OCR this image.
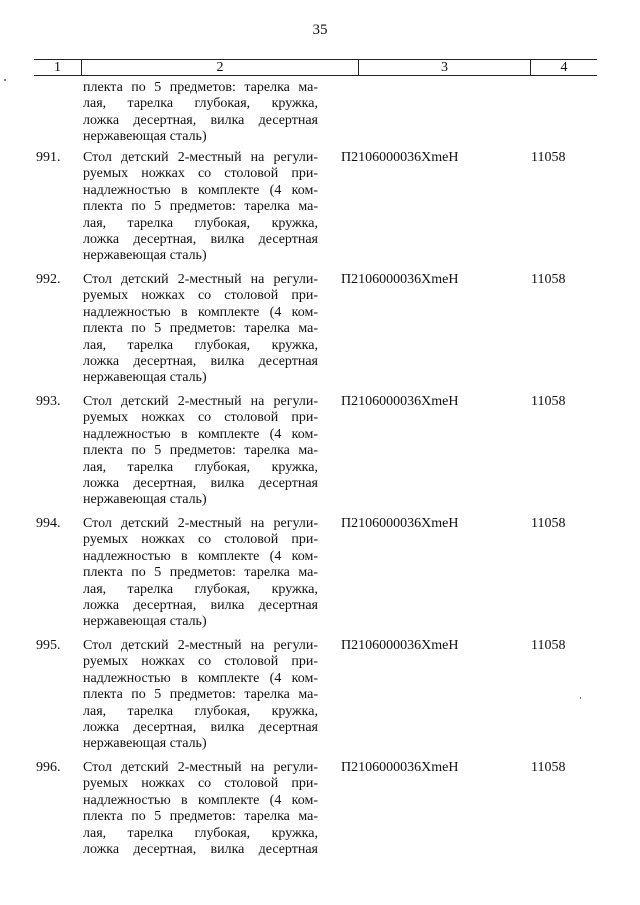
35
1	2	3	4
плекта по 5 предметов: тарелка ма-
лая, тарелка глубокая, кружка,
ложка десертная, вилка десертная
нержавеющая сталь)
991.	Стол детский 2-местный на регули-
руемых ножках со столовой при-
надлежностью в комплекте (4 ком-
плекта по 5 предметов: тарелка ма-
лая, тарелка глубокая, кружка,
ложка десертная, вилка десертная
нержавеющая сталь)
П2106000036ХmeH	11058
992.	Стол детский 2-местный на регули-
руемых ножках со столовой при-
надлежностью в комплекте (4 ком-
плекта по 5 предметов: тарелка ма-
лая, тарелка глубокая, кружка,
ложка десертная, вилка десертная
нержавеющая сталь)
П2106000036ХmeH	11058
993.	Стол детский 2-местный на регули-
руемых ножках со столовой при-
надлежностью в комплекте (4 ком-
плекта по 5 предметов: тарелка ма-
лая, тарелка глубокая, кружка,
ложка десертная, вилка десертная
нержавеющая сталь)
П2106000036ХmeH	11058
994.	Стол детский 2-местный на регули-
руемых ножках со столовой при-
надлежностью в комплекте (4 ком-
плекта по 5 предметов: тарелка ма-
лая, тарелка глубокая, кружка,
ложка десертная, вилка десертная
нержавеющая сталь)
П2106000036ХmeH	11058
995.	Стол детский 2-местный на регули-
руемых ножках со столовой при-
надлежностью в комплекте (4 ком-
плекта по 5 предметов: тарелка ма-
лая, тарелка глубокая, кружка,
ложка десертная, вилка десертная
нержавеющая сталь)
П2106000036ХmeH	11058
996.	Стол детский 2-местный на регули-
руемых ножках со столовой при-
надлежностью в комплекте (4 ком-
плекта по 5 предметов: тарелка ма-
лая, тарелка глубокая, кружка,
ложка десертная, вилка десертная
П2106000036ХmeH	11058
